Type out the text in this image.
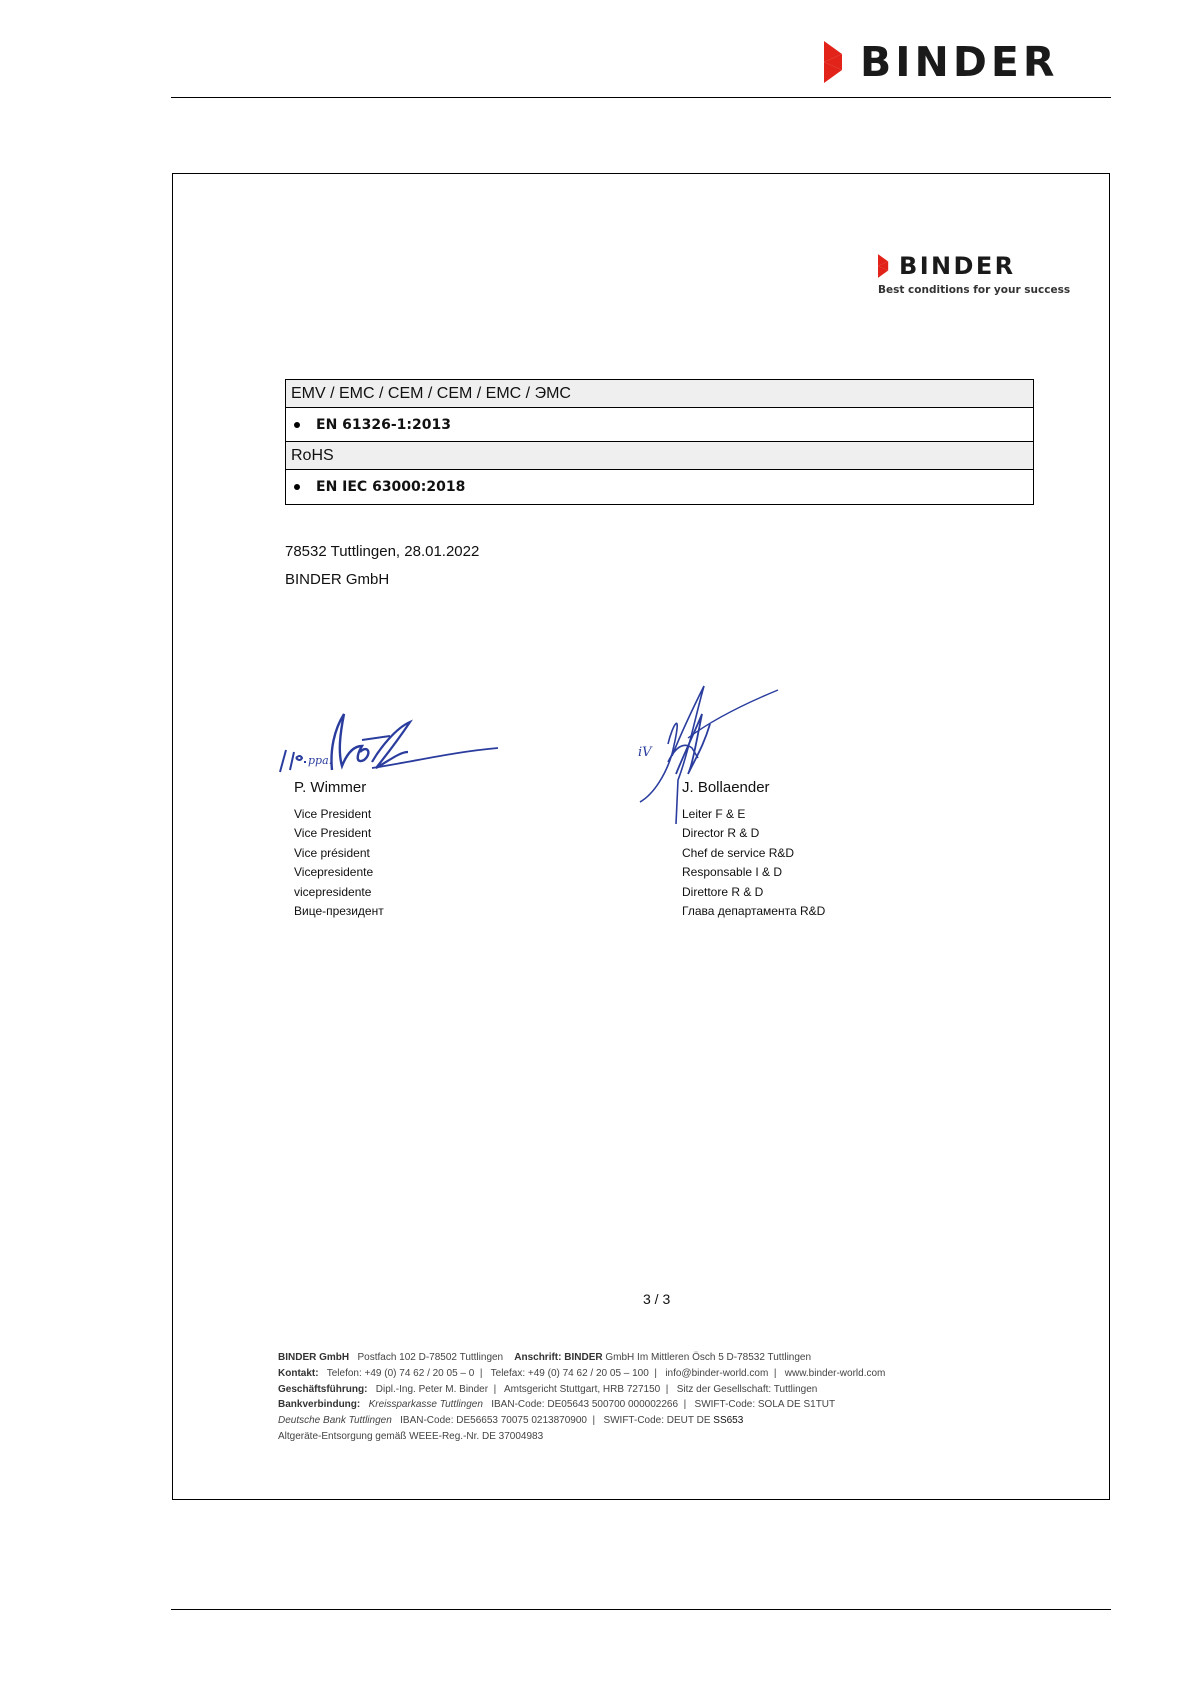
BINDER
BINDER
Best conditions for your success
EMV / EMC / CEM / CEM / EMC / ЭМС
EN 61326-1:2013
RoHS
EN IEC 63000:2018
78532 Tuttlingen, 28.01.2022
BINDER GmbH
ppa.
iV
P. Wimmer
Vice President
Vice President
Vice président
Vicepresidente
vicepresidente
Вице-президент
J. Bollaender
Leiter F & E
Director R & D
Chef de service R&D
Responsable I & D
Direttore R & D
Глава департамента R&D
3 / 3
BINDER GmbH Postfach 102 D-78502 Tuttlingen Anschrift: BINDER GmbH Im Mittleren Ösch 5 D-78532 Tuttlingen
Kontakt: Telefon: +49 (0) 74 62 / 20 05 – 0  |   Telefax: +49 (0) 74 62 / 20 05 – 100  |   info@binder-world.com  |   www.binder-world.com
Geschäftsführung: Dipl.-Ing. Peter M. Binder  |   Amtsgericht Stuttgart, HRB 727150  |   Sitz der Gesellschaft: Tuttlingen
Bankverbindung: Kreissparkasse Tuttlingen IBAN-Code: DE05643 500700 000002266  |   SWIFT-Code: SOLA DE S1TUT
Deutsche Bank Tuttlingen IBAN-Code: DE56653 70075 0213870900  |   SWIFT-Code: DEUT DE SS653
Altgeräte-Entsorgung gemäß WEEE-Reg.-Nr. DE 37004983
